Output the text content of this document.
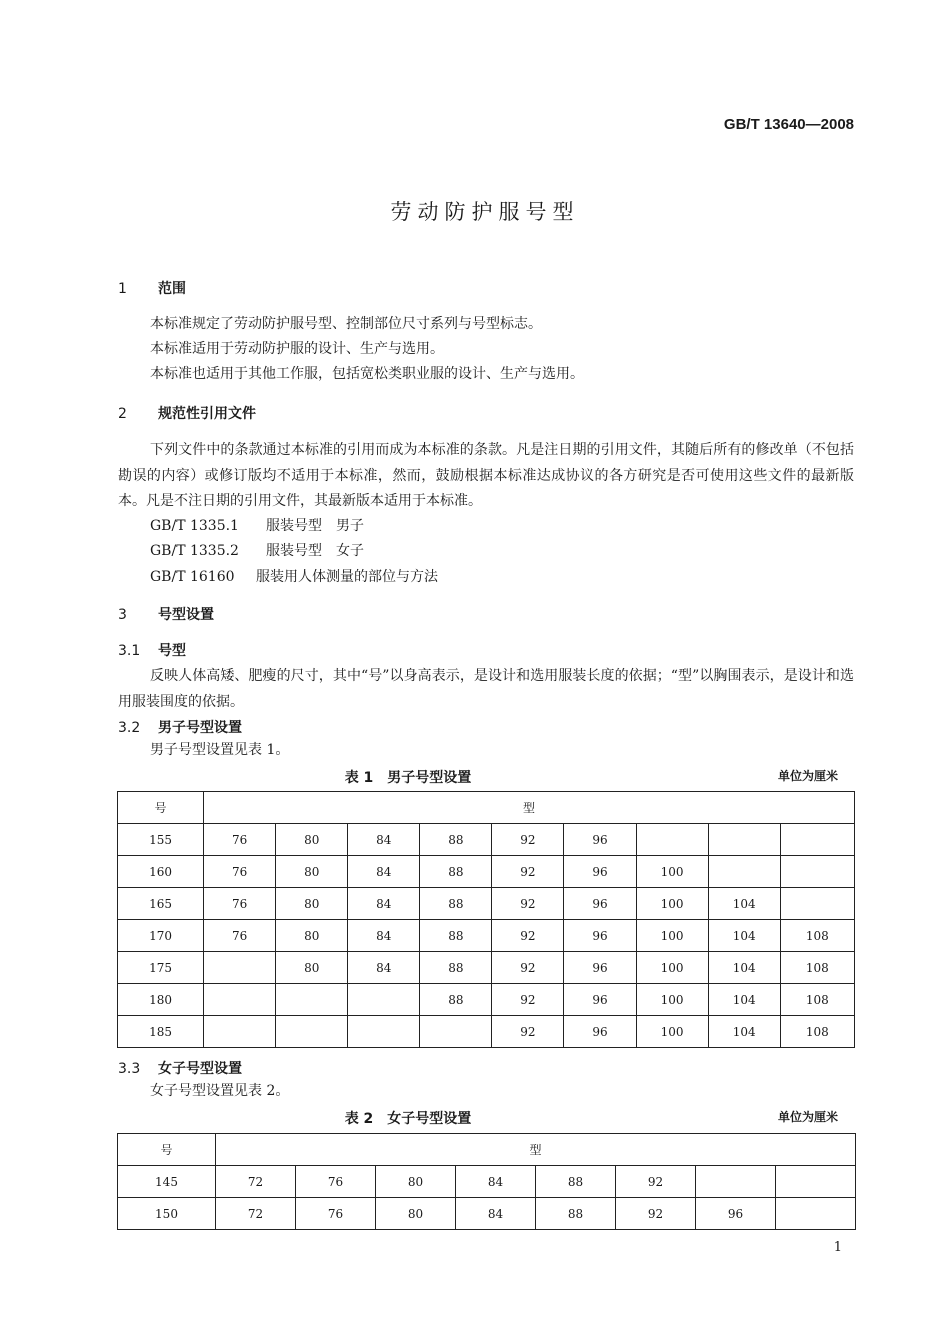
GB/T 13640—2008
劳动防护服号型
1 范围
本标准规定了劳动防护服号型、控制部位尺寸系列与号型标志。
本标准适用于劳动防护服的设计、生产与选用。
本标准也适用于其他工作服，包括宽松类职业服的设计、生产与选用。
2 规范性引用文件
下列文件中的条款通过本标准的引用而成为本标准的条款。凡是注日期的引用文件，其随后所有的修改单（不包括勘误的内容）或修订版均不适用于本标准，然而，鼓励根据本标准达成协议的各方研究是否可使用这些文件的最新版本。凡是不注日期的引用文件，其最新版本适用于本标准。
GB/T 1335.1 服装号型　男子
GB/T 1335.2 服装号型　女子
GB/T 16160 服装用人体测量的部位与方法
3 号型设置
3.1 号型
反映人体高矮、肥瘦的尺寸，其中“号”以身高表示，是设计和选用服装长度的依据；“型”以胸围表示，是设计和选用服装围度的依据。
3.2 男子号型设置
男子号型设置见表 1。
表 1　男子号型设置	单位为厘米
号	型								
155	76	80	84	88	92	96			
160	76	80	84	88	92	96	100		
165	76	80	84	88	92	96	100	104	
170	76	80	84	88	92	96	100	104	108
175		80	84	88	92	96	100	104	108
180				88	92	96	100	104	108
185					92	96	100	104	108
3.3 女子号型设置
女子号型设置见表 2。
表 2　女子号型设置	单位为厘米
号	型							
145	72	76	80	84	88	92		
150	72	76	80	84	88	92	96	
1
